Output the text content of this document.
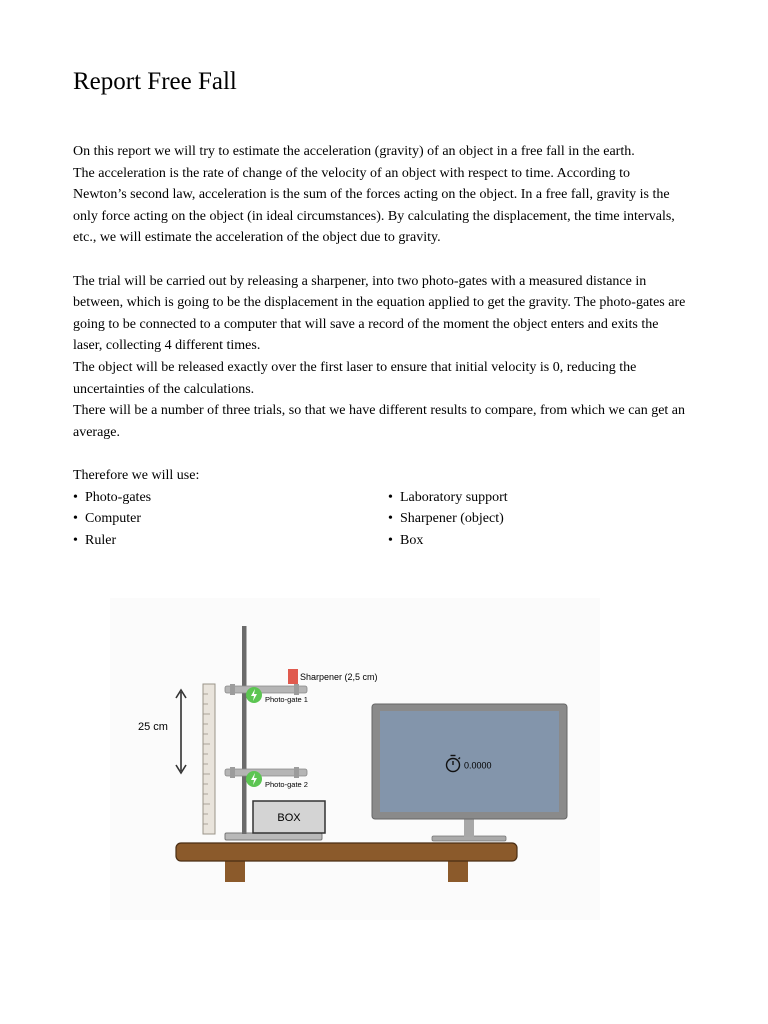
Report Free Fall

On this report we will try to estimate the acceleration (gravity) of an object in a free fall in the earth.
The acceleration is the rate of change of the velocity of an object with respect to time. According to
Newton’s second law, acceleration is the sum of the forces acting on the object. In a free fall, gravity is the
only force acting on the object (in ideal circumstances). By calculating the displacement, the time intervals,
etc., we will estimate the acceleration of the object due to gravity.

The trial will be carried out by releasing a sharpener, into two photo-gates with a measured distance in
between, which is going to be the displacement in the equation applied to get the gravity. The photo-gates are
going to be connected to a computer that will save a record of the moment the object enters and exits the
laser, collecting 4 different times.
The object will be released exactly over the first laser to ensure that initial velocity is 0, reducing the
uncertainties of the calculations.
There will be a number of three trials, so that we have different results to compare, from which we can get an
average.

Therefore we will use:
• Photo-gates
• Computer
• Ruler
• Laboratory support
• Sharpener (object)
• Box
25 cm
Photo-gate 1
Photo-gate 2
Sharpener (2,5 cm)
BOX
0.0000
